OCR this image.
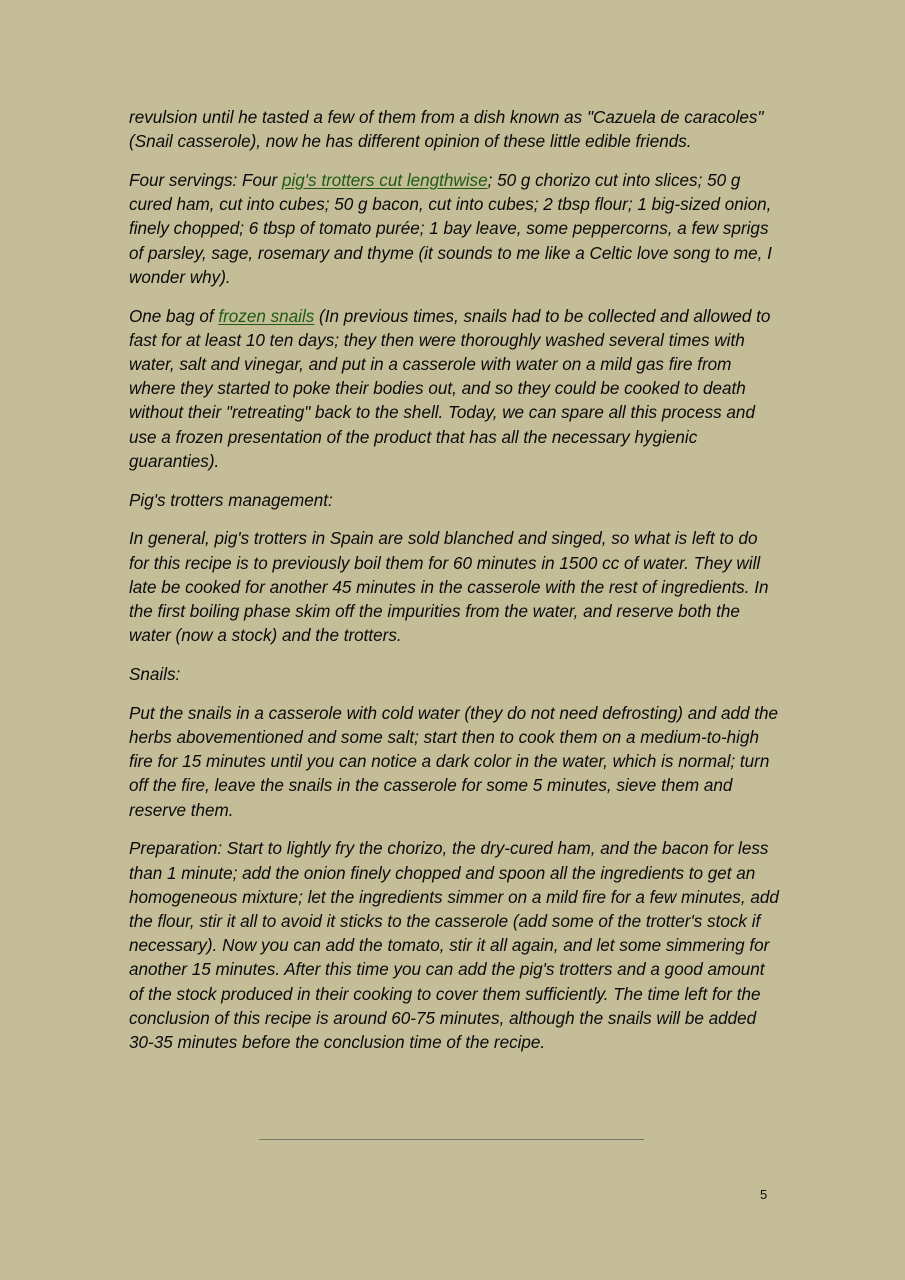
revulsion until he tasted a few of them from a dish known as "Cazuela de caracoles" (Snail casserole), now he has different opinion of these little edible friends.

Four servings: Four pig's trotters cut lengthwise; 50 g chorizo cut into slices; 50 g cured ham, cut into cubes; 50 g bacon, cut into cubes; 2 tbsp flour; 1 big-sized onion, finely chopped; 6 tbsp of tomato purée; 1 bay leave, some peppercorns, a few sprigs of parsley, sage, rosemary and thyme (it sounds to me like a Celtic love song to me, I wonder why).

One bag of frozen snails (In previous times, snails had to be collected and allowed to fast for at least 10 ten days; they then were thoroughly washed several times with water, salt and vinegar, and put in a casserole with water on a mild gas fire from where they started to poke their bodies out, and so they could be cooked to death without their "retreating" back to the shell. Today, we can spare all this process and use a frozen presentation of the product that has all the necessary hygienic guaranties).

Pig's trotters management:

In general, pig's trotters in Spain are sold blanched and singed, so what is left to do for this recipe is to previously boil them for 60 minutes in 1500 cc of water. They will late be cooked for another 45 minutes in the casserole with the rest of ingredients. In the first boiling phase skim off the impurities from the water, and reserve both the water (now a stock) and the trotters.

Snails:

Put the snails in a casserole with cold water (they do not need defrosting) and add the herbs abovementioned and some salt; start then to cook them on a medium-to-high fire for 15 minutes until you can notice a dark color in the water, which is normal; turn off the fire, leave the snails in the casserole for some 5 minutes, sieve them and reserve them.

Preparation: Start to lightly fry the chorizo, the dry-cured ham, and the bacon for less than 1 minute; add the onion finely chopped and spoon all the ingredients to get an homogeneous mixture; let the ingredients simmer on a mild fire for a few minutes, add the flour, stir it all to avoid it sticks to the casserole (add some of the trotter's stock if necessary). Now you can add the tomato, stir it all again, and let some simmering for another 15 minutes. After this time you can add the pig's trotters and a good amount of the stock produced in their cooking to cover them sufficiently. The time left for the conclusion of this recipe is around 60-75 minutes, although the snails will be added 30-35 minutes before the conclusion time of the recipe.

5
